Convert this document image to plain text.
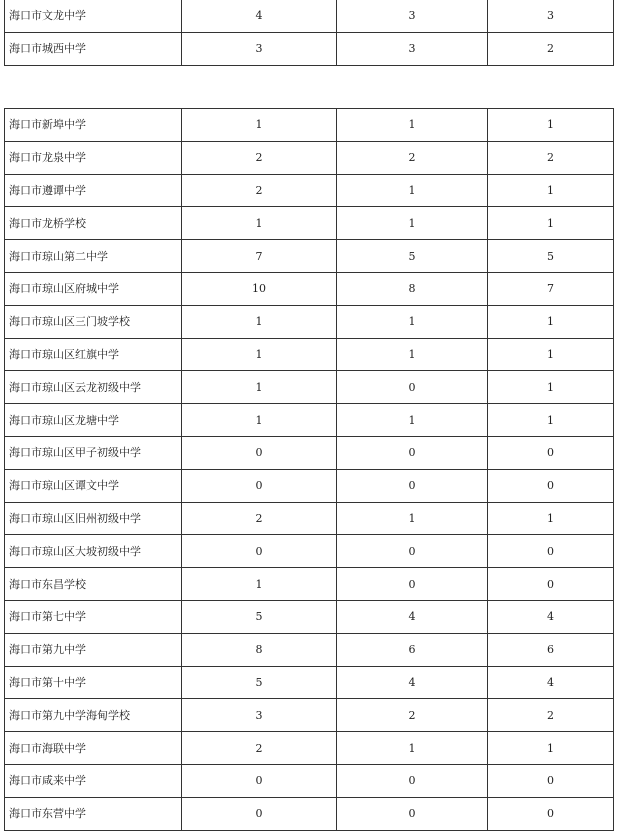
海口市文龙中学	4	3	3
海口市城西中学	3	3	2
海口市新埠中学	1	1	1
海口市龙泉中学	2	2	2
海口市遵谭中学	2	1	1
海口市龙桥学校	1	1	1
海口市琼山第二中学	7	5	5
海口市琼山区府城中学	10	8	7
海口市琼山区三门坡学校	1	1	1
海口市琼山区红旗中学	1	1	1
海口市琼山区云龙初级中学	1	0	1
海口市琼山区龙塘中学	1	1	1
海口市琼山区甲子初级中学	0	0	0
海口市琼山区谭文中学	0	0	0
海口市琼山区旧州初级中学	2	1	1
海口市琼山区大坡初级中学	0	0	0
海口市东昌学校	1	0	0
海口市第七中学	5	4	4
海口市第九中学	8	6	6
海口市第十中学	5	4	4
海口市第九中学海甸学校	3	2	2
海口市海联中学	2	1	1
海口市咸来中学	0	0	0
海口市东营中学	0	0	0
